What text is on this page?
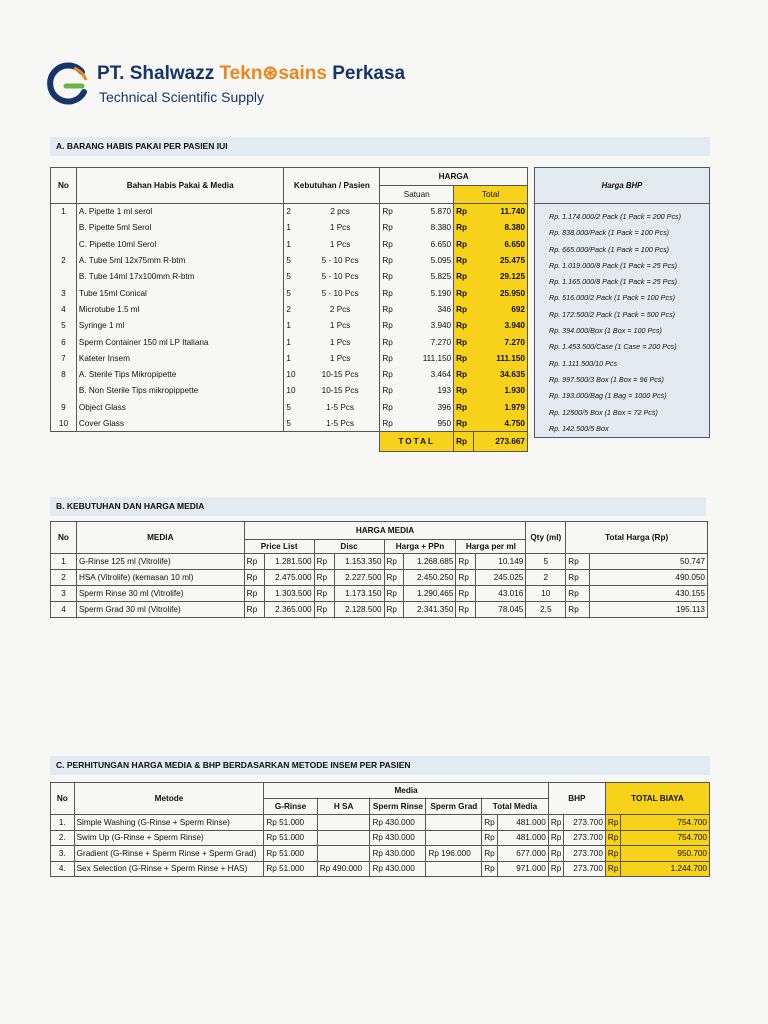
PT. Shalwazz Tekn⊛sains Perkasa
Technical Scientific Supply
A. BARANG HABIS PAKAI PER PASIEN IUI
No	Bahan Habis Pakai & Media	Kebutuhan / Pasien		HARGA			
				Satuan		Total	
1	A. Pipette 1 ml serol	2	2 pcs	Rp	5.870	Rp	11.740
	B. Pipette 5ml Serol	1	1 Pcs	Rp	8.380	Rp	8.380
	C. Pipette 10ml Serol	1	1 Pcs	Rp	6.650	Rp	6.650
2	A. Tube 5ml 12x75mm R-btm	5	5 - 10 Pcs	Rp	5.095	Rp	25.475
	B. Tube 14ml 17x100mm R-btm	5	5 - 10 Pcs	Rp	5.825	Rp	29.125
3	Tube 15ml Conical	5	5 - 10 Pcs	Rp	5.190	Rp	25.950
4	Microtube 1.5 ml	2	2 Pcs	Rp	346	Rp	692
5	Syringe 1 ml	1	1 Pcs	Rp	3.940	Rp	3.940
6	Sperm Container 150 ml LP Italiana	1	1 Pcs	Rp	7.270	Rp	7.270
7	Kateter Insem	1	1 Pcs	Rp	111.150	Rp	111.150
8	A. Sterile Tips Mikropipette	10	10-15 Pcs	Rp	3.464	Rp	34.635
	B. Non Sterile Tips mikropippette	10	10-15 Pcs	Rp	193	Rp	1.930
9	Object Glass	5	1-5 Pcs	Rp	396	Rp	1.979
10	Cover Glass	5	1-5 Pcs	Rp	950	Rp	4.750
				TOTAL		Rp	273.667
Harga BHP
Rp. 1.174.000/2 Pack (1 Pack = 200 Pcs)
Rp. 838.000/Pack (1 Pack = 100 Pcs)
Rp. 665.000/Pack (1 Pack = 100 Pcs)
Rp. 1.019.000/8 Pack (1 Pack = 25 Pcs)
Rp. 1.165.000/8 Pack (1 Pack = 25 Pcs)
Rp. 516.000/2 Pack (1 Pack = 100 Pcs)
Rp. 172.500/2 Pack (1 Pack = 500 Pcs)
Rp. 394.000/Box (1 Box = 100 Pcs)
Rp. 1.453.500/Case (1 Case = 200 Pcs)
Rp. 1.111.500/10 Pcs
Rp. 997.500/3 Box (1 Box = 96 Pcs)
Rp. 193.000/Bag (1 Bag = 1000 Pcs)
Rp. 12500/5 Box (1 Box = 72 Pcs)
Rp. 142.500/5 Box
B. KEBUTUHAN DAN HARGA MEDIA
No	MEDIA	HARGA MEDIA								Qty (ml)	Total Harga (Rp)	
		Price List		Disc		Harga + PPn		Harga per ml				
1	G-Rinse 125 ml (Vitrolife)	Rp	1.281.500	Rp	1.153.350	Rp	1.268.685	Rp	10.149	5	Rp	50.747
2	HSA (Vitrolife) (kemasan 10 ml)	Rp	2.475.000	Rp	2.227.500	Rp	2.450.250	Rp	245.025	2	Rp	490.050
3	Sperm Rinse 30 ml (Vitrolife)	Rp	1.303.500	Rp	1.173.150	Rp	1.290.465	Rp	43.016	10	Rp	430.155
4	Sperm Grad 30 ml (Vitrolife)	Rp	2.365.000	Rp	2.128.500	Rp	2.341.350	Rp	78.045	2,5	Rp	195.113
C. PERHITUNGAN HARGA MEDIA & BHP BERDASARKAN METODE INSEM PER PASIEN
No	Metode	Media						BHP		TOTAL BIAYA	
		G-Rinse	H SA	Sperm Rinse	Sperm Grad	Total Media					
1.	Simple Washing (G-Rinse + Sperm Rinse)	Rp 51.000		Rp 430.000		Rp	481.000	Rp	273.700	Rp	754.700
2.	Swim Up (G-Rinse + Sperm Rinse)	Rp 51.000		Rp 430.000		Rp	481.000	Rp	273.700	Rp	754.700
3.	Gradient (G-Rinse + Sperm Rinse + Sperm Grad)	Rp 51.000		Rp 430.000	Rp 196.000	Rp	677.000	Rp	273.700	Rp	950.700
4.	Sex Selection (G-Rinse + Sperm Rinse + HAS)	Rp 51.000	Rp 490.000	Rp 430.000		Rp	971.000	Rp	273.700	Rp	1.244.700
